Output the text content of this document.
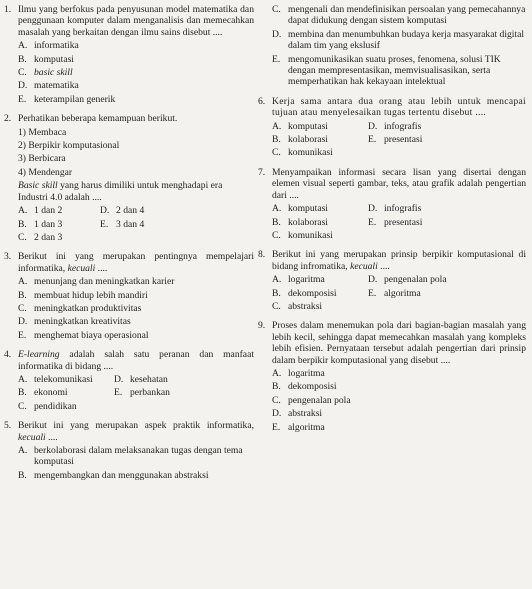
1. Ilmu yang berfokus pada penyusunan model matematika dan penggunaan komputer dalam menganalisis dan memecahkan masalah yang berkaitan dengan ilmu sains disebut ....
A. informatika
B. komputasi
C. basic skill
D. matematika
E. keterampilan generik
2. Perhatikan beberapa kemampuan berikut.
1) Membaca
2) Berpikir komputasional
3) Berbicara
4) Mendengar
Basic skill yang harus dimiliki untuk menghadapi era Industri 4.0 adalah ....
A. 1 dan 2	D. 2 dan 4
B. 1 dan 3	E. 3 dan 4
C. 2 dan 3
3. Berikut ini yang merupakan pentingnya mempelajari informatika, kecuali ....
A. menunjang dan meningkatkan karier
B. membuat hidup lebih mandiri
C. meningkatkan produktivitas
D. meningkatkan kreativitas
E. menghemat biaya operasional
4. E-learning adalah salah satu peranan dan manfaat informatika di bidang ....
A. telekomunikasi D. kesehatan
B. ekonomi	E. perbankan
C. pendidikan
5. Berikut ini yang merupakan aspek praktik informatika, kecuali ....
A. berkolaborasi dalam melaksanakan tugas dengan tema komputasi
B. mengembangkan dan menggunakan abstraksi
C. mengenali dan mendefinisikan persoalan yang pemecahannya dapat didukung dengan sistem komputasi
D. membina dan menumbuhkan budaya kerja masyarakat digital dalam tim yang ekslusif
E. mengomunikasikan suatu proses, fenomena, solusi TIK dengan mempresentasikan, memvisualisasikan, serta memperhatikan hak kekayaan intelektual
6. Kerja sama antara dua orang atau lebih untuk mencapai tujuan atau menyelesaikan tugas tertentu disebut ....
A. komputasi	D. infografis
B. kolaborasi	E. presentasi
C. komunikasi
7. Menyampaikan informasi secara lisan yang disertai dengan elemen visual seperti gambar, teks, atau grafik adalah pengertian dari ....
A. komputasi	D. infografis
B. kolaborasi	E. presentasi
C. komunikasi
8. Berikut ini yang merupakan prinsip berpikir komputasional di bidang infromatika, kecuali ....
A. logaritma	D. pengenalan pola
B. dekomposisi	E. algoritma
C. abstraksi
9. Proses dalam menemukan pola dari bagian-bagian masalah yang lebih kecil, sehingga dapat memecahkan masalah yang kompleks lebih efisien. Pernyataan tersebut adalah pengertian dari prinsip dalam berpikir komputasional yang disebut ....
A. logaritma
B. dekomposisi
C. pengenalan pola
D. abstraksi
E. algoritma
